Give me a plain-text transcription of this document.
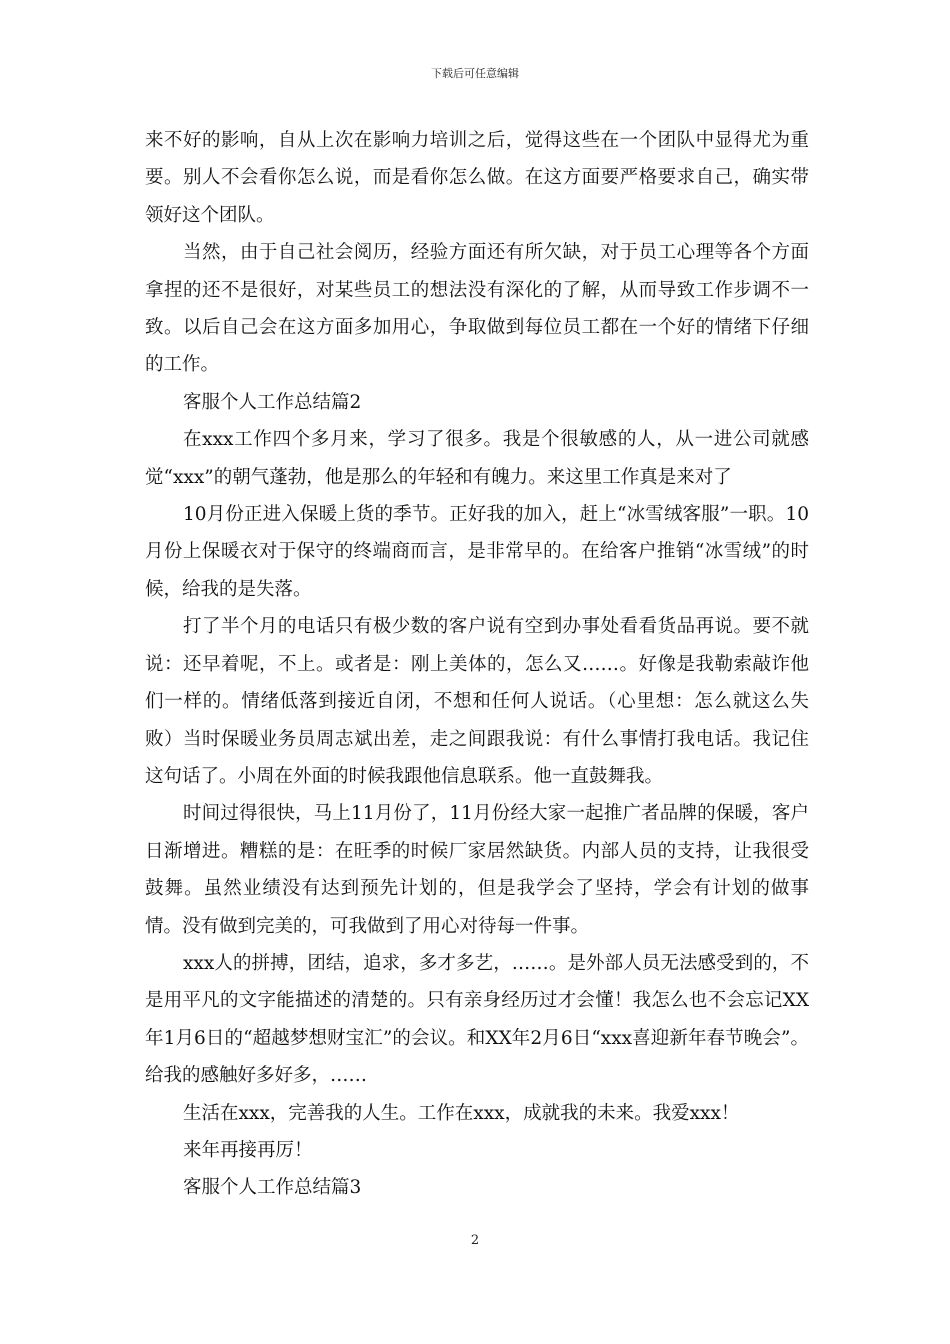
下载后可任意编辑

来不好的影响，自从上次在影响力培训之后，觉得这些在一个团队中显得尤为重要。别人不会看你怎么说，而是看你怎么做。在这方面要严格要求自己，确实带领好这个团队。

当然，由于自己社会阅历，经验方面还有所欠缺，对于员工心理等各个方面拿捏的还不是很好，对某些员工的想法没有深化的了解，从而导致工作步调不一致。以后自己会在这方面多加用心，争取做到每位员工都在一个好的情绪下仔细的工作。

客服个人工作总结篇2

在xxx工作四个多月来，学习了很多。我是个很敏感的人，从一进公司就感觉“xxx”的朝气蓬勃，他是那么的年轻和有魄力。来这里工作真是来对了

10月份正进入保暖上货的季节。正好我的加入，赶上“冰雪绒客服”一职。10月份上保暖衣对于保守的终端商而言，是非常早的。在给客户推销“冰雪绒”的时候，给我的是失落。

打了半个月的电话只有极少数的客户说有空到办事处看看货品再说。要不就说：还早着呢，不上。或者是：刚上美体的，怎么又……。好像是我勒索敲诈他们一样的。情绪低落到接近自闭，不想和任何人说话。（心里想：怎么就这么失败）当时保暖业务员周志斌出差，走之间跟我说：有什么事情打我电话。我记住这句话了。小周在外面的时候我跟他信息联系。他一直鼓舞我。

时间过得很快，马上11月份了，11月份经大家一起推广者品牌的保暖，客户日渐增进。糟糕的是：在旺季的时候厂家居然缺货。内部人员的支持，让我很受鼓舞。虽然业绩没有达到预先计划的，但是我学会了坚持，学会有计划的做事情。没有做到完美的，可我做到了用心对待每一件事。

xxx人的拼搏，团结，追求，多才多艺，……。是外部人员无法感受到的，不是用平凡的文字能描述的清楚的。只有亲身经历过才会懂！我怎么也不会忘记XX年1月6日的“超越梦想财宝汇”的会议。和XX年2月6日“xxx喜迎新年春节晚会”。给我的感触好多好多，……

生活在xxx，完善我的人生。工作在xxx，成就我的未来。我爱xxx！

来年再接再厉！

客服个人工作总结篇3

2
